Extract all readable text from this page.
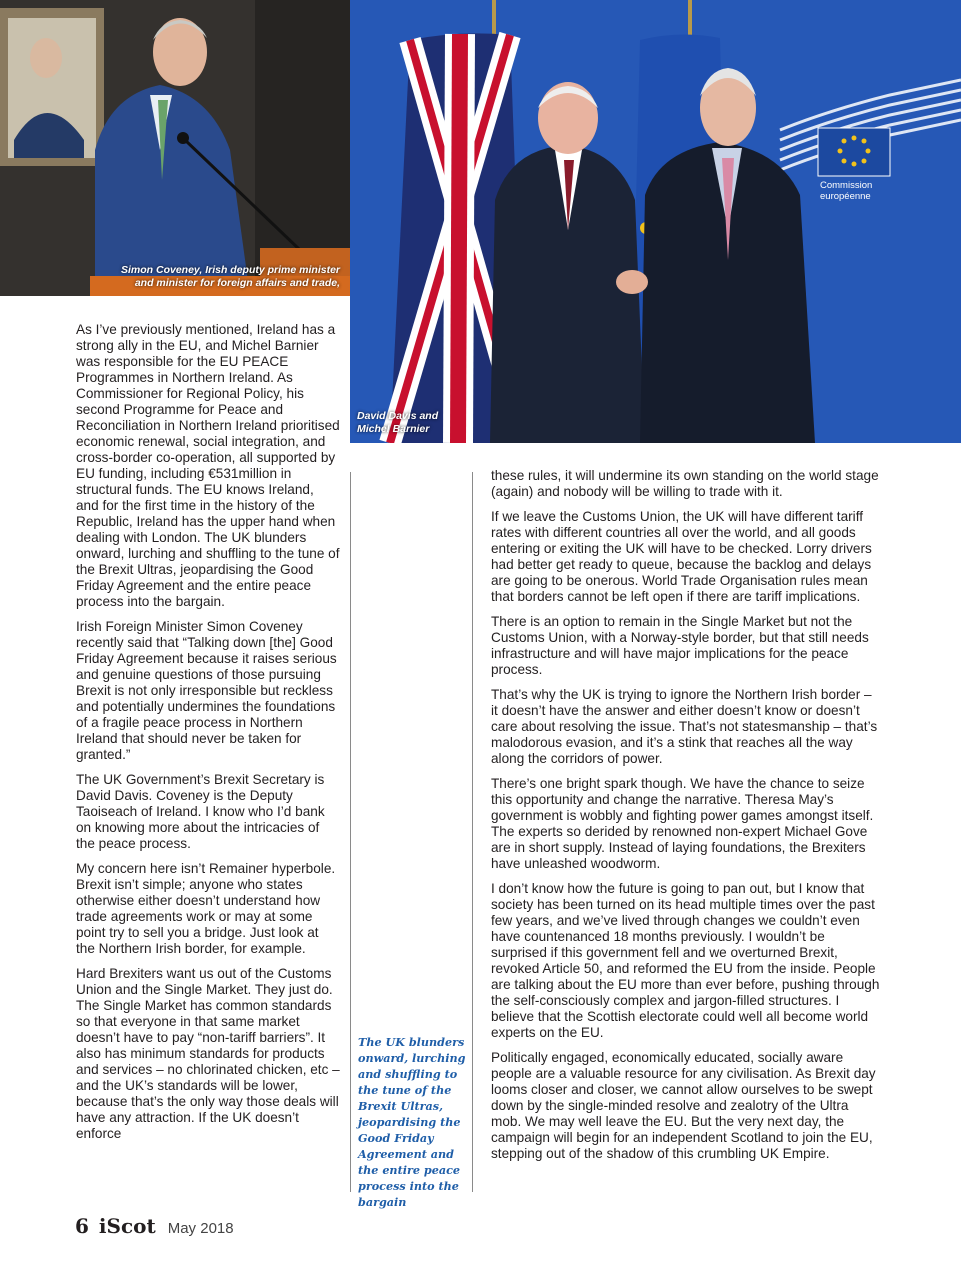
Simon Coveney, Irish deputy prime minister
and minister for foreign affairs and trade,
Commission
européenne
David Davis and
Michel Barnier

As I’ve previously mentioned, Ireland has a strong ally in the EU, and Michel Barnier was responsible for the EU PEACE Programmes in Northern Ireland. As Commissioner for Regional Policy, his second Programme for Peace and Reconciliation in Northern Ireland prioritised economic renewal, social integration, and cross-border co-operation, all supported by EU funding, including €531million in structural funds. The EU knows Ireland, and for the first time in the history of the Republic, Ireland has the upper hand when dealing with London. The UK blunders onward, lurching and shuffling to the tune of the Brexit Ultras, jeopardising the Good Friday Agreement and the entire peace process into the bargain.

Irish Foreign Minister Simon Coveney recently said that “Talking down [the] Good Friday Agreement because it raises serious and genuine questions of those pursuing Brexit is not only irresponsible but reckless and potentially undermines the foundations of a fragile peace process in Northern Ireland that should never be taken for granted.”

The UK Government’s Brexit Secretary is David Davis. Coveney is the Deputy Taoiseach of Ireland. I know who I’d bank on knowing more about the intricacies of the peace process.

My concern here isn’t Remainer hyperbole. Brexit isn’t simple; anyone who states otherwise either doesn’t understand how trade agreements work or may at some point try to sell you a bridge. Just look at the Northern Irish border, for example.

Hard Brexiters want us out of the Customs Union and the Single Market. They just do. The Single Market has common standards so that everyone in that same market doesn’t have to pay “non-tariff barriers”. It also has minimum standards for products and services – no chlorinated chicken, etc – and the UK’s standards will be lower, because that’s the only way those deals will have any attraction. If the UK doesn’t enforce

The UK blunders onward, lurching and shuffling to the tune of the Brexit Ultras, jeopardising the Good Friday Agreement and the entire peace process into the bargain

these rules, it will undermine its own standing on the world stage (again) and nobody will be willing to trade with it.

If we leave the Customs Union, the UK will have different tariff rates with different countries all over the world, and all goods entering or exiting the UK will have to be checked. Lorry drivers had better get ready to queue, because the backlog and delays are going to be onerous. World Trade Organisation rules mean that borders cannot be left open if there are tariff implications.

There is an option to remain in the Single Market but not the Customs Union, with a Norway-style border, but that still needs infrastructure and will have major implications for the peace process.

That’s why the UK is trying to ignore the Northern Irish border – it doesn’t have the answer and either doesn’t know or doesn’t care about resolving the issue. That’s not statesmanship – that’s malodorous evasion, and it’s a stink that reaches all the way along the corridors of power.

There’s one bright spark though. We have the chance to seize this opportunity and change the narrative. Theresa May’s government is wobbly and fighting power games amongst itself. The experts so derided by renowned non-expert Michael Gove are in short supply. Instead of laying foundations, the Brexiters have unleashed woodworm.

I don’t know how the future is going to pan out, but I know that society has been turned on its head multiple times over the past few years, and we’ve lived through changes we couldn’t even have countenanced 18 months previously. I wouldn’t be surprised if this government fell and we overturned Brexit, revoked Article 50, and reformed the EU from the inside. People are talking about the EU more than ever before, pushing through the self-consciously complex and jargon-filled structures. I believe that the Scottish electorate could well all become world experts on the EU.

Politically engaged, economically educated, socially aware people are a valuable resource for any civilisation. As Brexit day looms closer and closer, we cannot allow ourselves to be swept down by the single-minded resolve and zealotry of the Ultra mob. We may well leave the EU. But the very next day, the campaign will begin for an independent Scotland to join the EU, stepping out of the shadow of this crumbling UK Empire.

6 iScot May 2018
